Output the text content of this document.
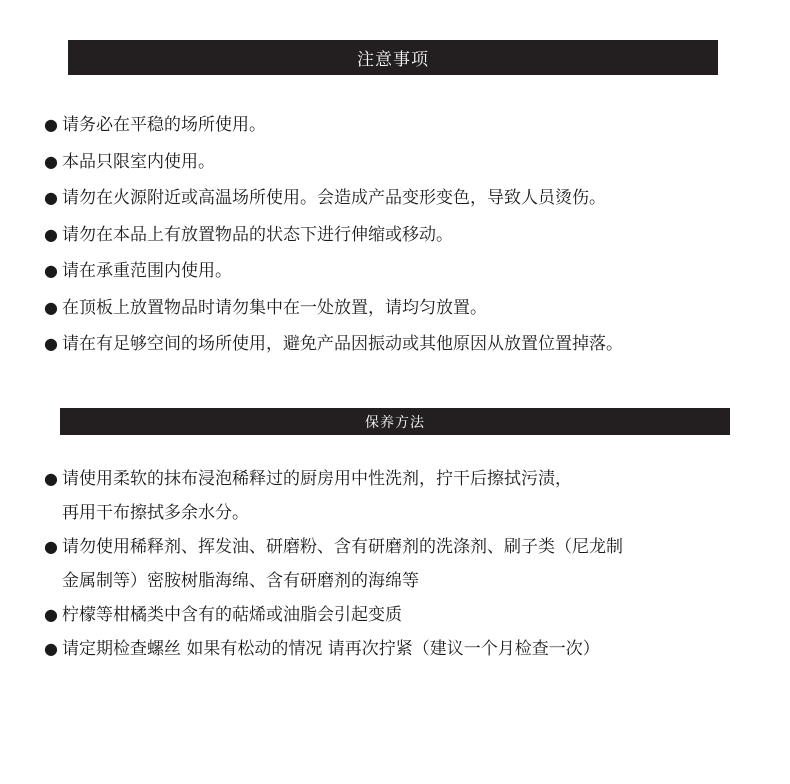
注意事项
● 请务必在平稳的场所使用。
● 本品只限室内使用。
● 请勿在火源附近或高温场所使用。会造成产品变形变色，导致人员烫伤。
● 请勿在本品上有放置物品的状态下进行伸缩或移动。
● 请在承重范围内使用。
● 在顶板上放置物品时请勿集中在一处放置，请均匀放置。
● 请在有足够空间的场所使用，避免产品因振动或其他原因从放置位置掉落。
保养方法
● 请使用柔软的抹布浸泡稀释过的厨房用中性洗剂，拧干后擦拭污渍，
再用干布擦拭多余水分。
● 请勿使用稀释剂、挥发油、研磨粉、含有研磨剂的洗涤剂、刷子类（尼龙制
金属制等）密胺树脂海绵、含有研磨剂的海绵等
● 柠檬等柑橘类中含有的萜烯或油脂会引起变质
● 请定期检查螺丝 如果有松动的情况 请再次拧紧（建议一个月检查一次）
